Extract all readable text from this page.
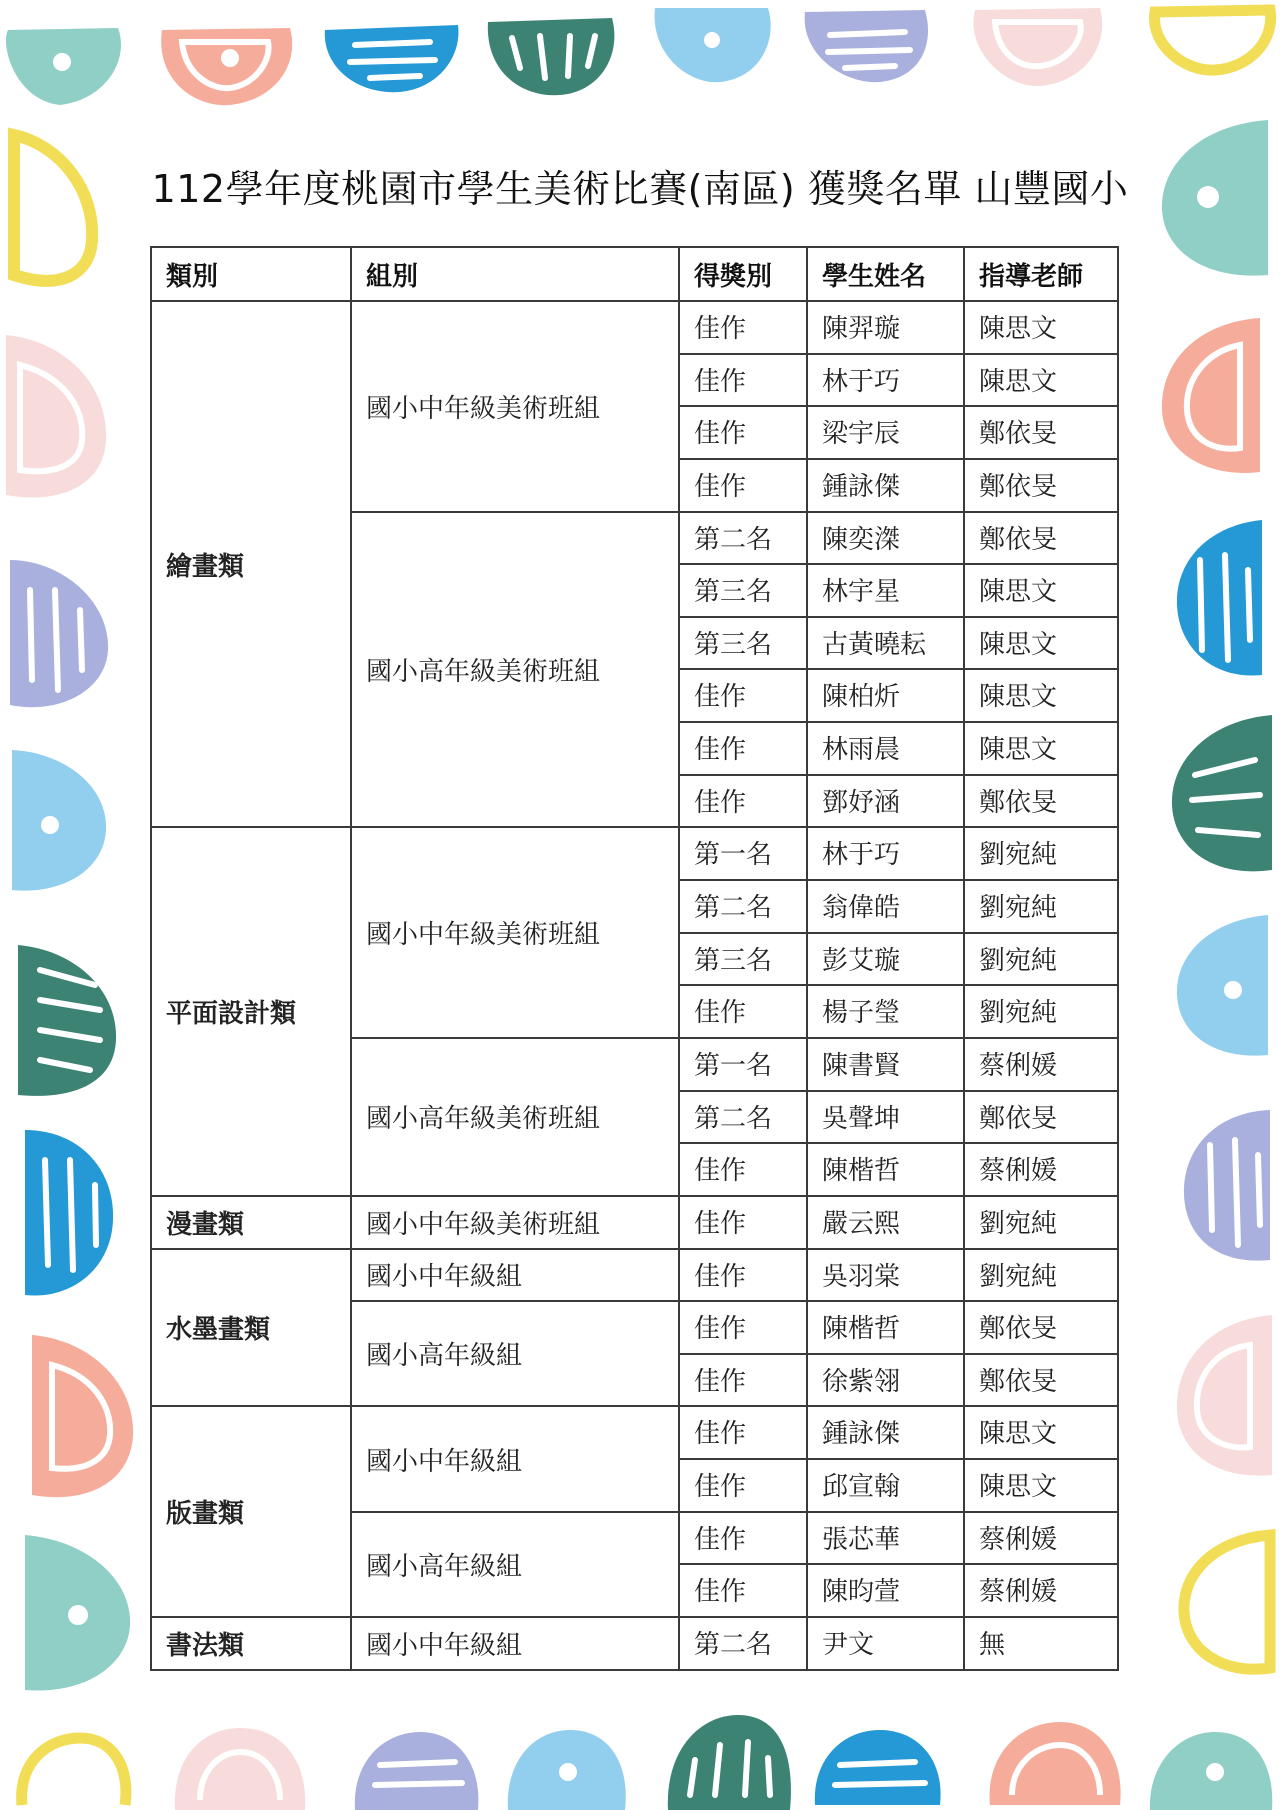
112學年度桃園市學生美術比賽(南區) 獲獎名單 山豐國小
類別	組別	得獎別	學生姓名	指導老師
繪畫類	國小中年級美術班組	佳作	陳羿璇	陳思文
		佳作	林于巧	陳思文
		佳作	梁宇辰	鄭依旻
		佳作	鍾詠傑	鄭依旻
	國小高年級美術班組	第二名	陳奕滐	鄭依旻
		第三名	林宇星	陳思文
		第三名	古黃曉耘	陳思文
		佳作	陳柏炘	陳思文
		佳作	林雨晨	陳思文
		佳作	鄧妤涵	鄭依旻
平面設計類	國小中年級美術班組	第一名	林于巧	劉宛純
		第二名	翁偉皓	劉宛純
		第三名	彭艾璇	劉宛純
		佳作	楊子瑩	劉宛純
	國小高年級美術班組	第一名	陳書賢	蔡俐媛
		第二名	吳聲坤	鄭依旻
		佳作	陳楷哲	蔡俐媛
漫畫類	國小中年級美術班組	佳作	嚴云熙	劉宛純
水墨畫類	國小中年級組	佳作	吳羽棠	劉宛純
	國小高年級組	佳作	陳楷哲	鄭依旻
		佳作	徐紫翎	鄭依旻
版畫類	國小中年級組	佳作	鍾詠傑	陳思文
		佳作	邱宣翰	陳思文
	國小高年級組	佳作	張芯華	蔡俐媛
		佳作	陳昀萱	蔡俐媛
書法類	國小中年級組	第二名	尹文	無
